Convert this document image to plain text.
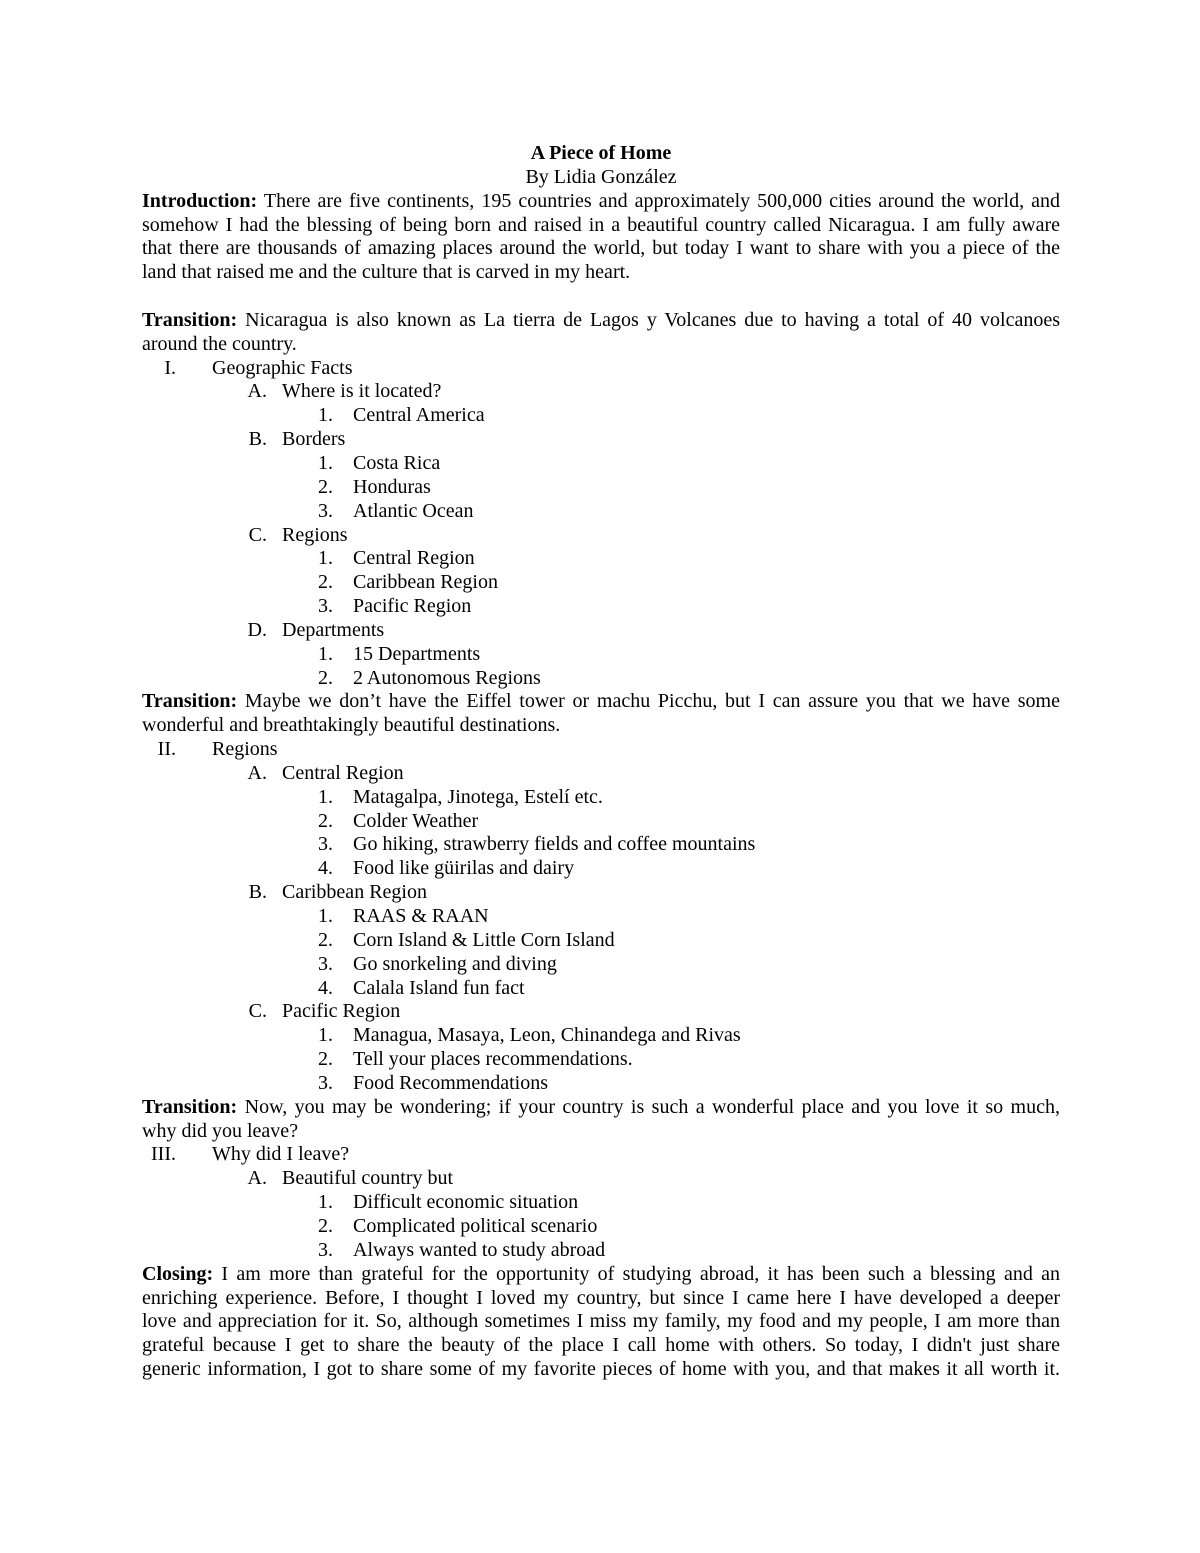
A Piece of Home
By Lidia González
Introduction: There are five continents, 195 countries and approximately 500,000 cities around the world, and
somehow I had the blessing of being born and raised in a beautiful country called Nicaragua. I am fully aware
that there are thousands of amazing places around the world, but today I want to share with you a piece of the
land that raised me and the culture that is carved in my heart.
Transition: Nicaragua is also known as La tierra de Lagos y Volcanes due to having a total of 40 volcanoes
around the country.
I. Geographic Facts
A. Where is it located?
1. Central America
B. Borders
1. Costa Rica
2. Honduras
3. Atlantic Ocean
C. Regions
1. Central Region
2. Caribbean Region
3. Pacific Region
D. Departments
1. 15 Departments
2. 2 Autonomous Regions
Transition: Maybe we don’t have the Eiffel tower or machu Picchu, but I can assure you that we have some
wonderful and breathtakingly beautiful destinations.
II. Regions
A. Central Region
1. Matagalpa, Jinotega, Estelí etc.
2. Colder Weather
3. Go hiking, strawberry fields and coffee mountains
4. Food like güirilas and dairy
B. Caribbean Region
1. RAAS & RAAN
2. Corn Island & Little Corn Island
3. Go snorkeling and diving
4. Calala Island fun fact
C. Pacific Region
1. Managua, Masaya, Leon, Chinandega and Rivas
2. Tell your places recommendations.
3. Food Recommendations
Transition: Now, you may be wondering; if your country is such a wonderful place and you love it so much,
why did you leave?
III. Why did I leave?
A. Beautiful country but
1. Difficult economic situation
2. Complicated political scenario
3. Always wanted to study abroad
Closing: I am more than grateful for the opportunity of studying abroad, it has been such a blessing and an
enriching experience. Before, I thought I loved my country, but since I came here I have developed a deeper
love and appreciation for it. So, although sometimes I miss my family, my food and my people, I am more than
grateful because I get to share the beauty of the place I call home with others. So today, I didn't just share
generic information, I got to share some of my favorite pieces of home with you, and that makes it all worth it.
